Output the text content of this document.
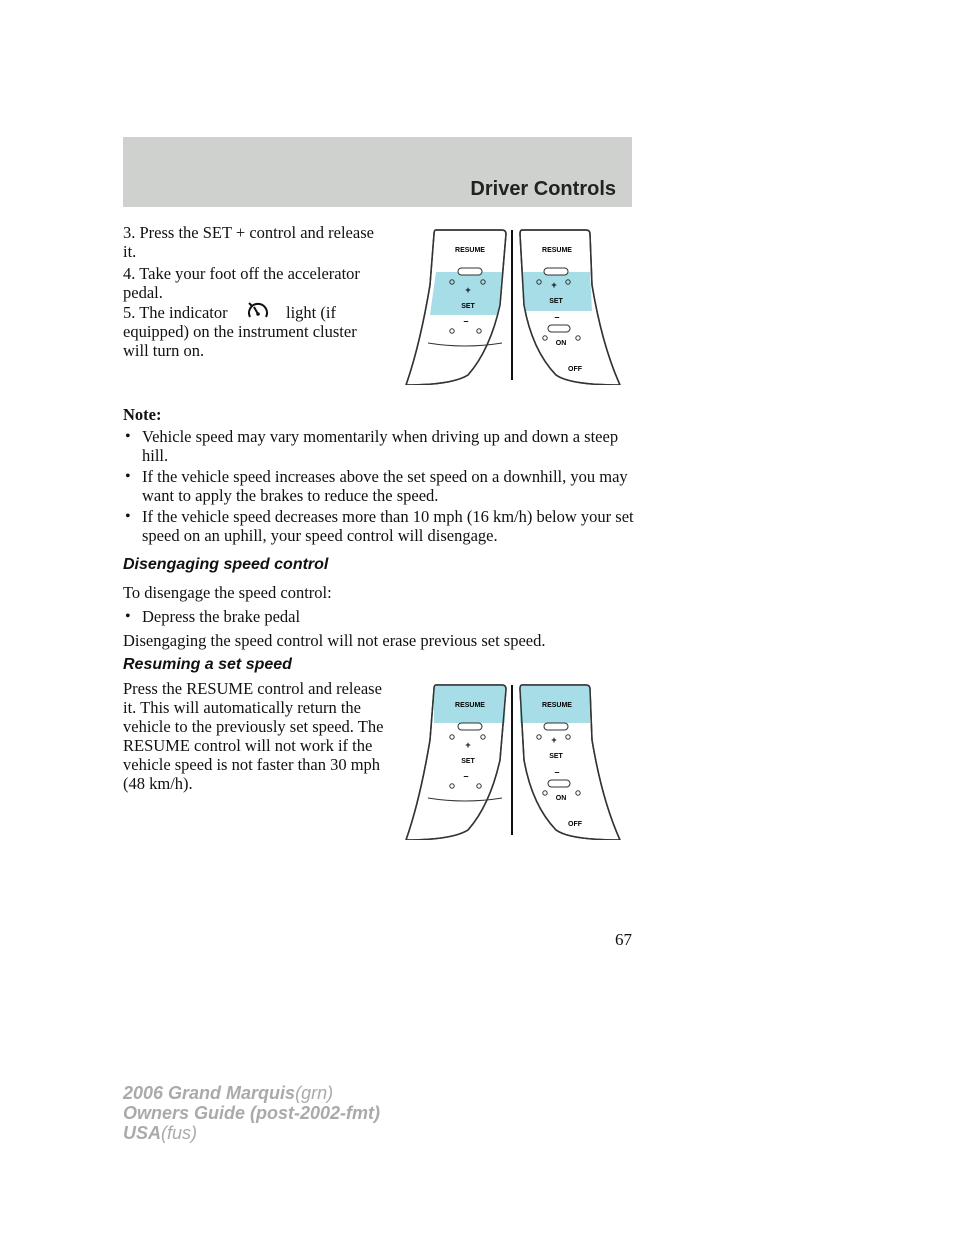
Driver Controls
3. Press the SET + control and release it.
4. Take your foot off the accelerator pedal.
5. The indicator	light (if
equipped) on the instrument cluster will turn on.
RESUME
+
SET
–
RESUME
+
SET
–
ON
OFF
Note:
• Vehicle speed may vary momentarily when driving up and down a steep hill.
• If the vehicle speed increases above the set speed on a downhill, you may want to apply the brakes to reduce the speed.
• If the vehicle speed decreases more than 10 mph (16 km/h) below your set speed on an uphill, your speed control will disengage.
Disengaging speed control
To disengage the speed control:
• Depress the brake pedal
Disengaging the speed control will not erase previous set speed.
Resuming a set speed
Press the RESUME control and release it. This will automatically return the vehicle to the previously set speed. The RESUME control will not work if the vehicle speed is not faster than 30 mph (48 km/h).
RESUME
+
SET
–
RESUME
+
SET
–
ON
OFF
67
2006 Grand Marquis(grn)
Owners Guide (post-2002-fmt)
USA(fus)
